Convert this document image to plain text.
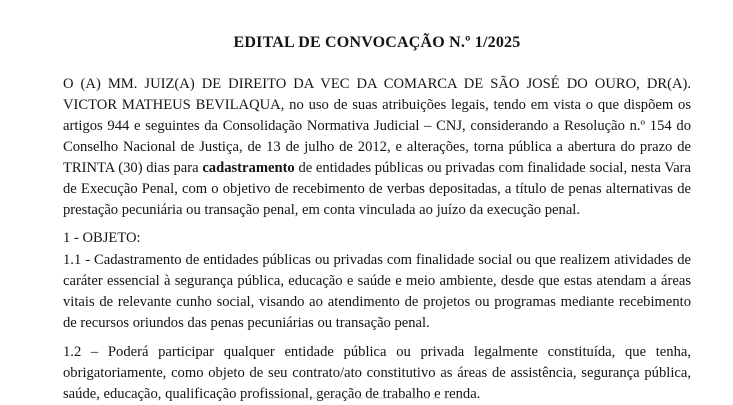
EDITAL DE CONVOCAÇÃO N.º 1/2025

O (A) MM. JUIZ(A) DE DIREITO DA VEC DA COMARCA DE SÃO JOSÉ DO OURO, DR(A). VICTOR MATHEUS BEVILAQUA, no uso de suas atribuições legais, tendo em vista o que dispõem os artigos 944 e seguintes da Consolidação Normativa Judicial – CNJ, considerando a Resolução n.º 154 do Conselho Nacional de Justiça, de 13 de julho de 2012, e alterações, torna pública a abertura do prazo de TRINTA (30) dias para cadastramento de entidades públicas ou privadas com finalidade social, nesta Vara de Execução Penal, com o objetivo de recebimento de verbas depositadas, a título de penas alternativas de prestação pecuniária ou transação penal, em conta vinculada ao juízo da execução penal.

1 - OBJETO:

1.1 - Cadastramento de entidades públicas ou privadas com finalidade social ou que realizem atividades de caráter essencial à segurança pública, educação e saúde e meio ambiente, desde que estas atendam a áreas vitais de relevante cunho social, visando ao atendimento de projetos ou programas mediante recebimento de recursos oriundos das penas pecuniárias ou transação penal.

1.2 – Poderá participar qualquer entidade pública ou privada legalmente constituída, que tenha, obrigatoriamente, como objeto de seu contrato/ato constitutivo as áreas de assistência, segurança pública, saúde, educação, qualificação profissional, geração de trabalho e renda.
